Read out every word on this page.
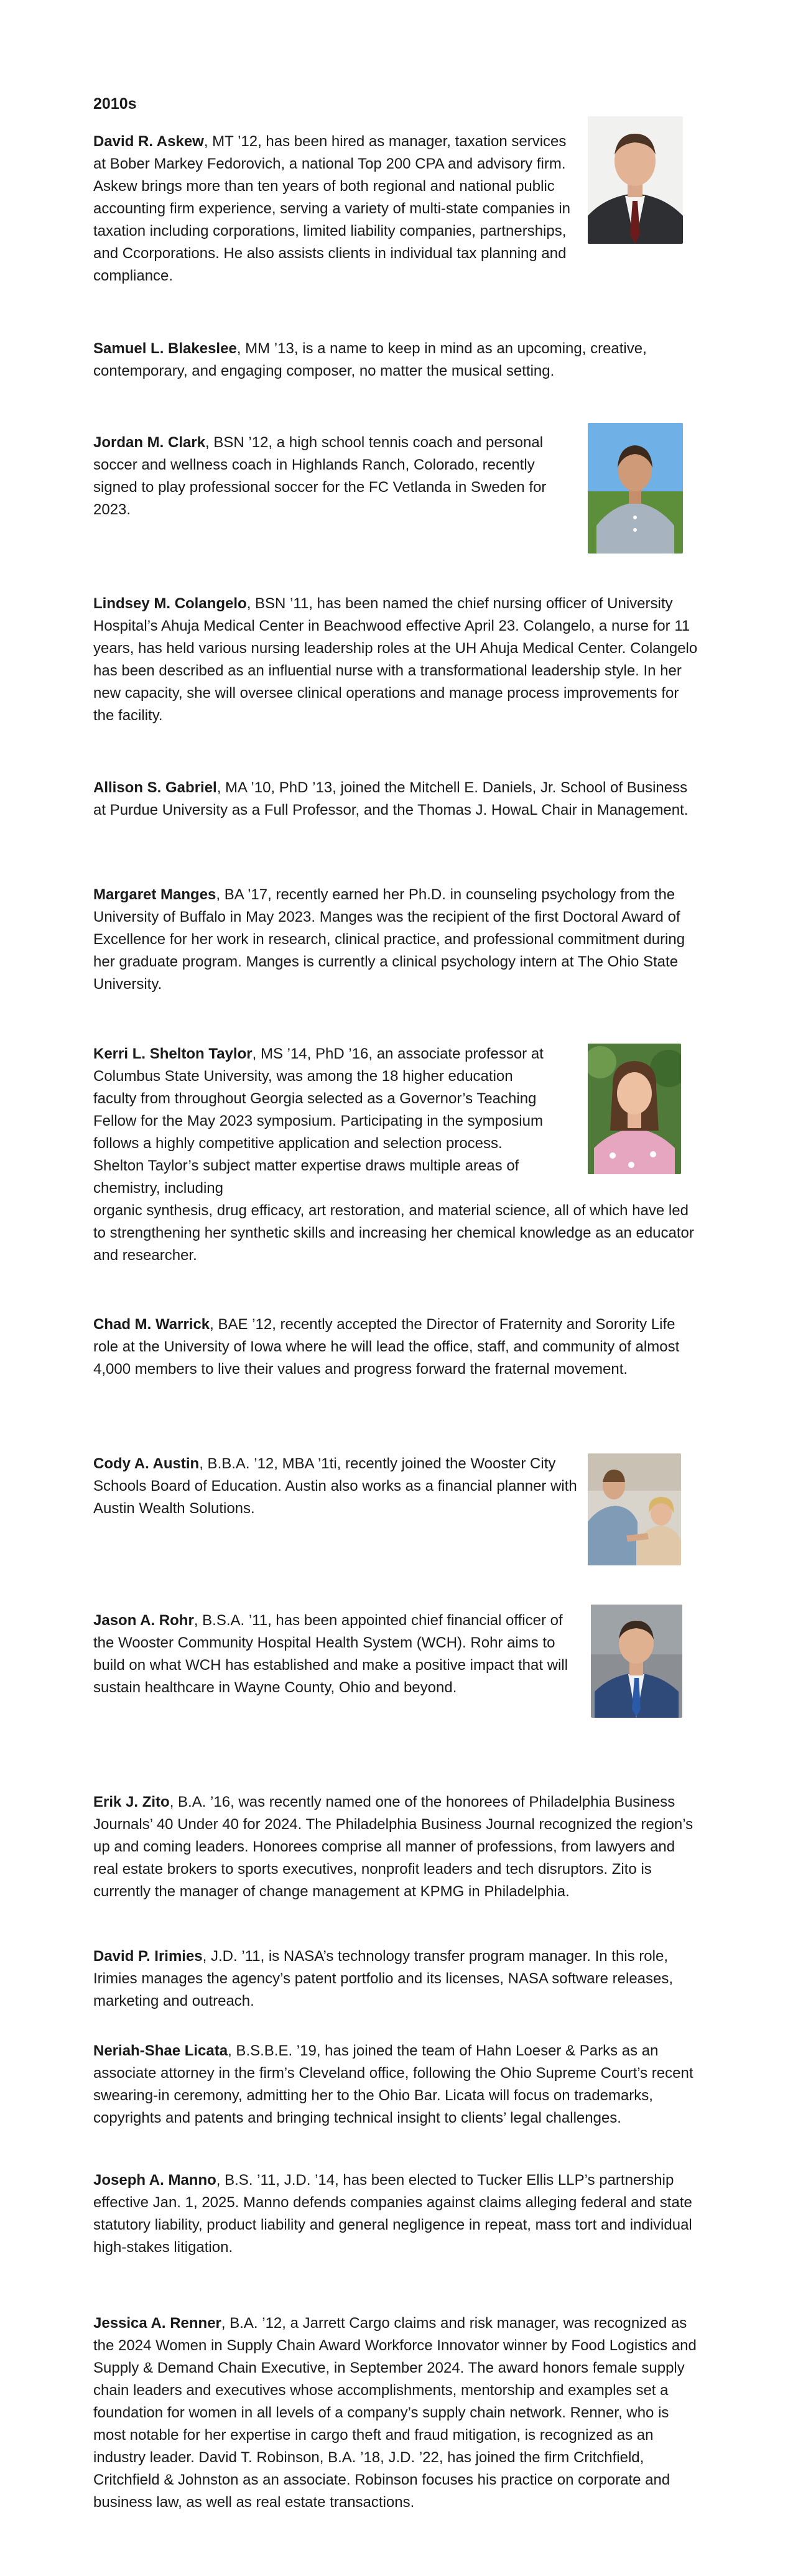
2010s

David R. Askew, MT ’12, has been hired as manager, taxation services at Bober Markey Fedorovich, a national Top 200 CPA and advisory firm. Askew brings more than ten years of both regional and national public accounting firm experience, serving a variety of multi-state companies in taxation including corporations, limited liability companies, partnerships, and Ccorporations. He also assists clients in individual tax planning and compliance.

Samuel L. Blakeslee, MM ’13, is a name to keep in mind as an upcoming, creative, contemporary, and engaging composer, no matter the musical setting.

Jordan M. Clark, BSN ’12, a high school tennis coach and personal soccer and wellness coach in Highlands Ranch, Colorado, recently signed to play professional soccer for the FC Vetlanda in Sweden for 2023.

Lindsey M. Colangelo, BSN ’11, has been named the chief nursing officer of University Hospital’s Ahuja Medical Center in Beachwood effective April 23. Colangelo, a nurse for 11 years, has held various nursing leadership roles at the UH Ahuja Medical Center. Colangelo has been described as an influential nurse with a transformational leadership style. In her new capacity, she will oversee clinical operations and manage process improvements for the facility.

Allison S. Gabriel, MA ’10, PhD ’13, joined the Mitchell E. Daniels, Jr. School of Business at Purdue University as a Full Professor, and the Thomas J. HowaL Chair in Management.

Margaret Manges, BA ’17, recently earned her Ph.D. in counseling psychology from the University of Buffalo in May 2023. Manges was the recipient of the first Doctoral Award of Excellence for her work in research, clinical practice, and professional commitment during her graduate program. Manges is currently a clinical psychology intern at The Ohio State University.

Kerri L. Shelton Taylor, MS ’14, PhD ’16, an associate professor at Columbus State University, was among the 18 higher education faculty from throughout Georgia selected as a Governor’s Teaching Fellow for the May 2023 symposium. Participating in the symposium follows a highly competitive application and selection process. Shelton Taylor’s subject matter expertise draws multiple areas of chemistry, including

organic synthesis, drug efficacy, art restoration, and material science, all of which have led to strengthening her synthetic skills and increasing her chemical knowledge as an educator and researcher.

Chad M. Warrick, BAE ’12, recently accepted the Director of Fraternity and Sorority Life role at the University of Iowa where he will lead the office, staff, and community of almost 4,000 members to live their values and progress forward the fraternal movement.

Cody A. Austin, B.B.A. ’12, MBA ’1ti, recently joined the Wooster City Schools Board of Education. Austin also works as a financial planner with Austin Wealth Solutions.

Jason A. Rohr, B.S.A. ’11, has been appointed chief financial officer of the Wooster Community Hospital Health System (WCH). Rohr aims to build on what WCH has established and make a positive impact that will sustain healthcare in Wayne County, Ohio and beyond.

Erik J. Zito, B.A. ’16, was recently named one of the honorees of Philadelphia Business Journals’ 40 Under 40 for 2024. The Philadelphia Business Journal recognized the region’s up and coming leaders. Honorees comprise all manner of professions, from lawyers and real estate brokers to sports executives, nonprofit leaders and tech disruptors. Zito is currently the manager of change management at KPMG in Philadelphia.

David P. Irimies, J.D. ’11, is NASA’s technology transfer program manager. In this role, Irimies manages the agency’s patent portfolio and its licenses, NASA software releases, marketing and outreach.

Neriah-Shae Licata, B.S.B.E. ’19, has joined the team of Hahn Loeser & Parks as an associate attorney in the firm’s Cleveland office, following the Ohio Supreme Court’s recent swearing-in ceremony, admitting her to the Ohio Bar. Licata will focus on trademarks, copyrights and patents and bringing technical insight to clients’ legal challenges.

Joseph A. Manno, B.S. ’11, J.D. ’14, has been elected to Tucker Ellis LLP’s partnership effective Jan. 1, 2025. Manno defends companies against claims alleging federal and state statutory liability, product liability and general negligence in repeat, mass tort and individual high-stakes litigation.

Jessica A. Renner, B.A. ’12, a Jarrett Cargo claims and risk manager, was recognized as the 2024 Women in Supply Chain Award Workforce Innovator winner by Food Logistics and Supply & Demand Chain Executive, in September 2024. The award honors female supply chain leaders and executives whose accomplishments, mentorship and examples set a foundation for women in all levels of a company’s supply chain network. Renner, who is most notable for her expertise in cargo theft and fraud mitigation, is recognized as an industry leader. David T. Robinson, B.A. ’18, J.D. ’22, has joined the firm Critchfield, Critchfield & Johnston as an associate. Robinson focuses his practice on corporate and business law, as well as real estate transactions.
